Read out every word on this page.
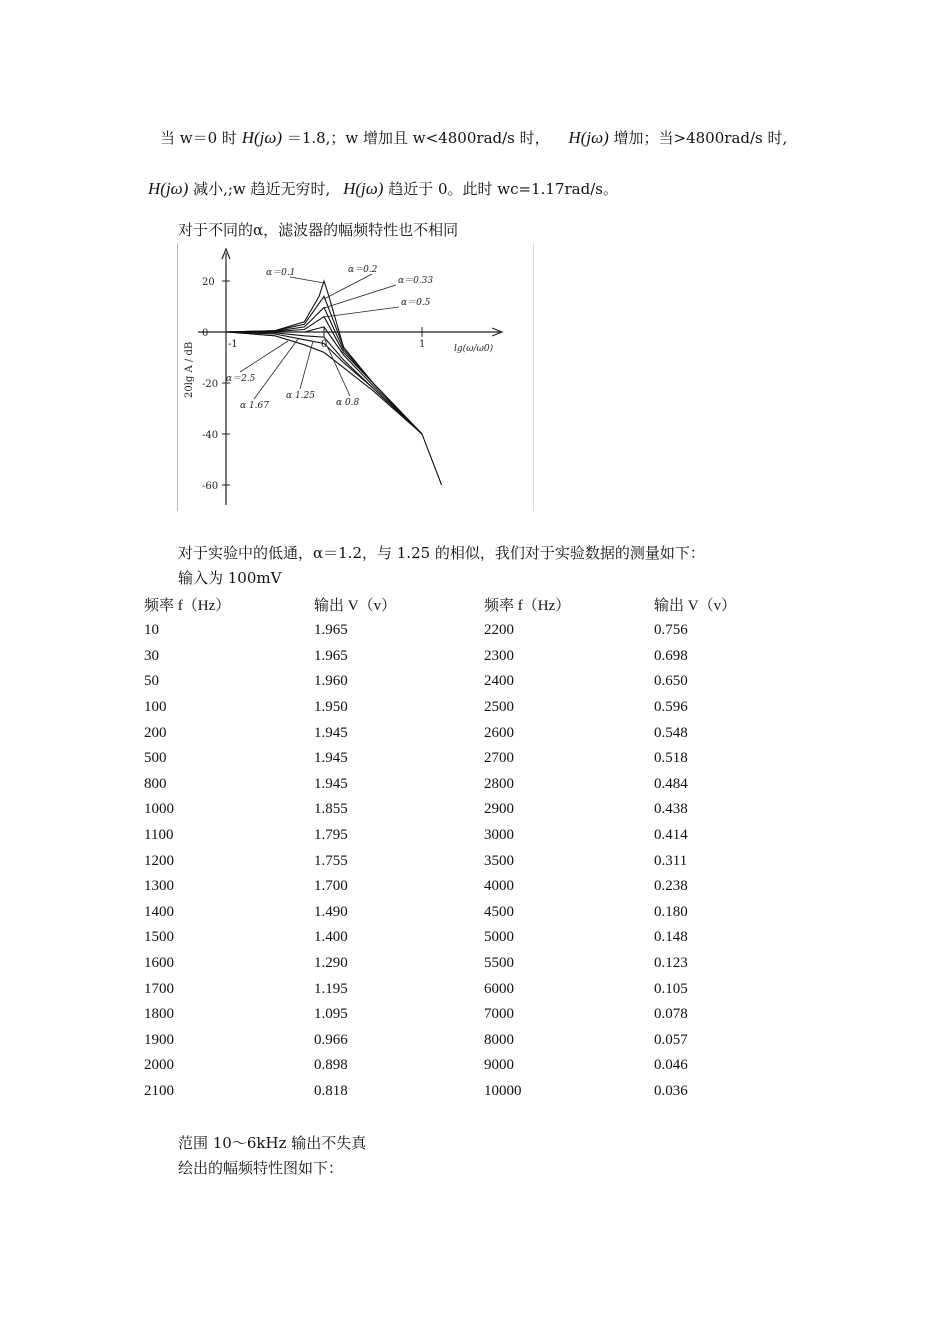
当 w＝0 时 H(jω) ＝1.8,；w 增加且 w<4800rad/s 时， H(jω) 增加；当>4800rad/s 时,
H(jω) 减小,;w 趋近无穷时, H(jω) 趋近于 0。此时 wc=1.17rad/s。
对于不同的α，滤波器的幅频特性也不相同
20
0
-20
-40
-60
-1	0	1
α＝0.1	α＝0.2
α＝0.33
α＝0.5
α＝2.5
α 1.67
α 1.25
α 0.8
20lg A / dB	lg(ω/ω0)
对于实验中的低通，α＝1.2，与 1.25 的相似，我们对于实验数据的测量如下：
输入为 100mV
频率 f（Hz）	输出 V（v）	频率 f（Hz）	输出 V（v）
10	1.965	2200	0.756
30	1.965	2300	0.698
50	1.960	2400	0.650
100	1.950	2500	0.596
200	1.945	2600	0.548
500	1.945	2700	0.518
800	1.945	2800	0.484
1000	1.855	2900	0.438
1100	1.795	3000	0.414
1200	1.755	3500	0.311
1300	1.700	4000	0.238
1400	1.490	4500	0.180
1500	1.400	5000	0.148
1600	1.290	5500	0.123
1700	1.195	6000	0.105
1800	1.095	7000	0.078
1900	0.966	8000	0.057
2000	0.898	9000	0.046
2100	0.818	10000	0.036
范围 10～6kHz 输出不失真
绘出的幅频特性图如下：
